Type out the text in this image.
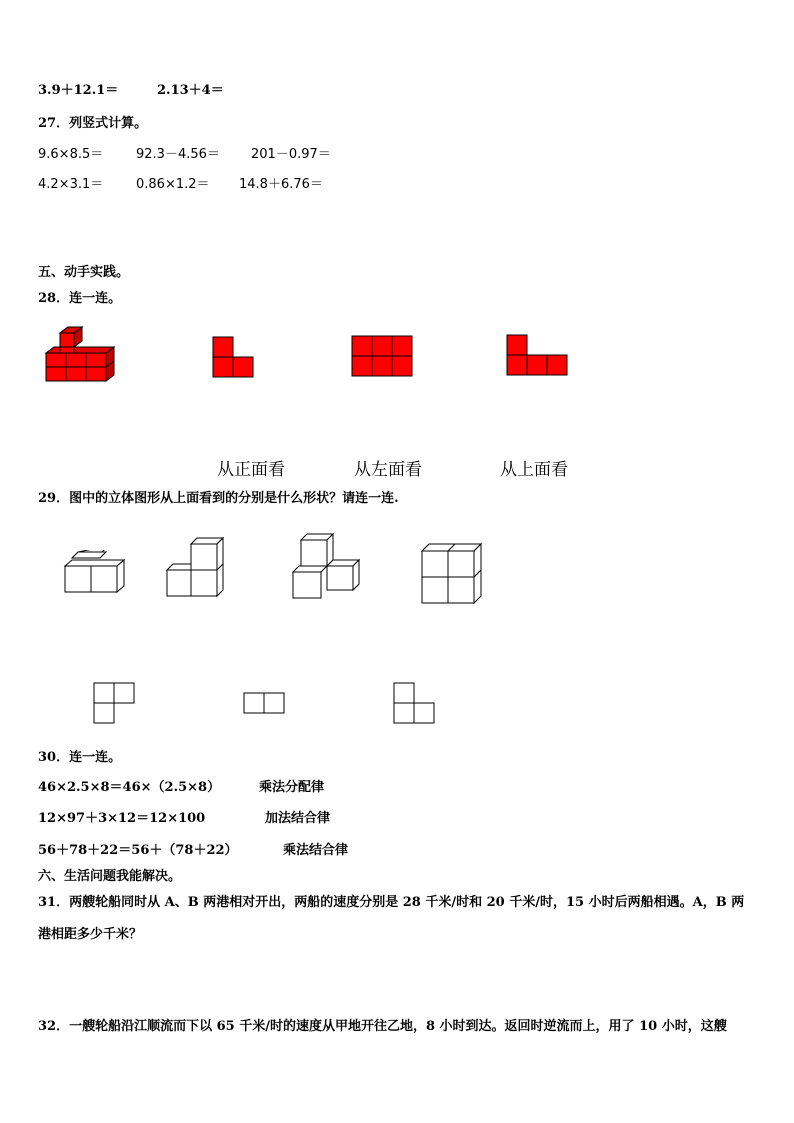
3.9＋12.1＝	2.13＋4＝
27．列竖式计算。
9.6×8.5＝	92.3－4.56＝ 201－0.97＝
4.2×3.1＝	0.86×1.2＝ 14.8＋6.76＝
五、动手实践。
28．连一连。
从正面看	从左面看	从上面看
29．图中的立体图形从上面看到的分别是什么形状？请连一连.
30．连一连。
46×2.5×8＝46×（2.5×8）
12×97＋3×12＝12×100
56＋78＋22＝56＋（78＋22）
乘法分配律
加法结合律
乘法结合律
六、生活问题我能解决。
31．两艘轮船同时从 A、B 两港相对开出，两船的速度分别是 28 千米/时和 20 千米/时，15 小时后两船相遇。A，B 两
港相距多少千米？
32．一艘轮船沿江顺流而下以 65 千米/时的速度从甲地开往乙地，8 小时到达。返回时逆流而上，用了 10 小时，这艘
